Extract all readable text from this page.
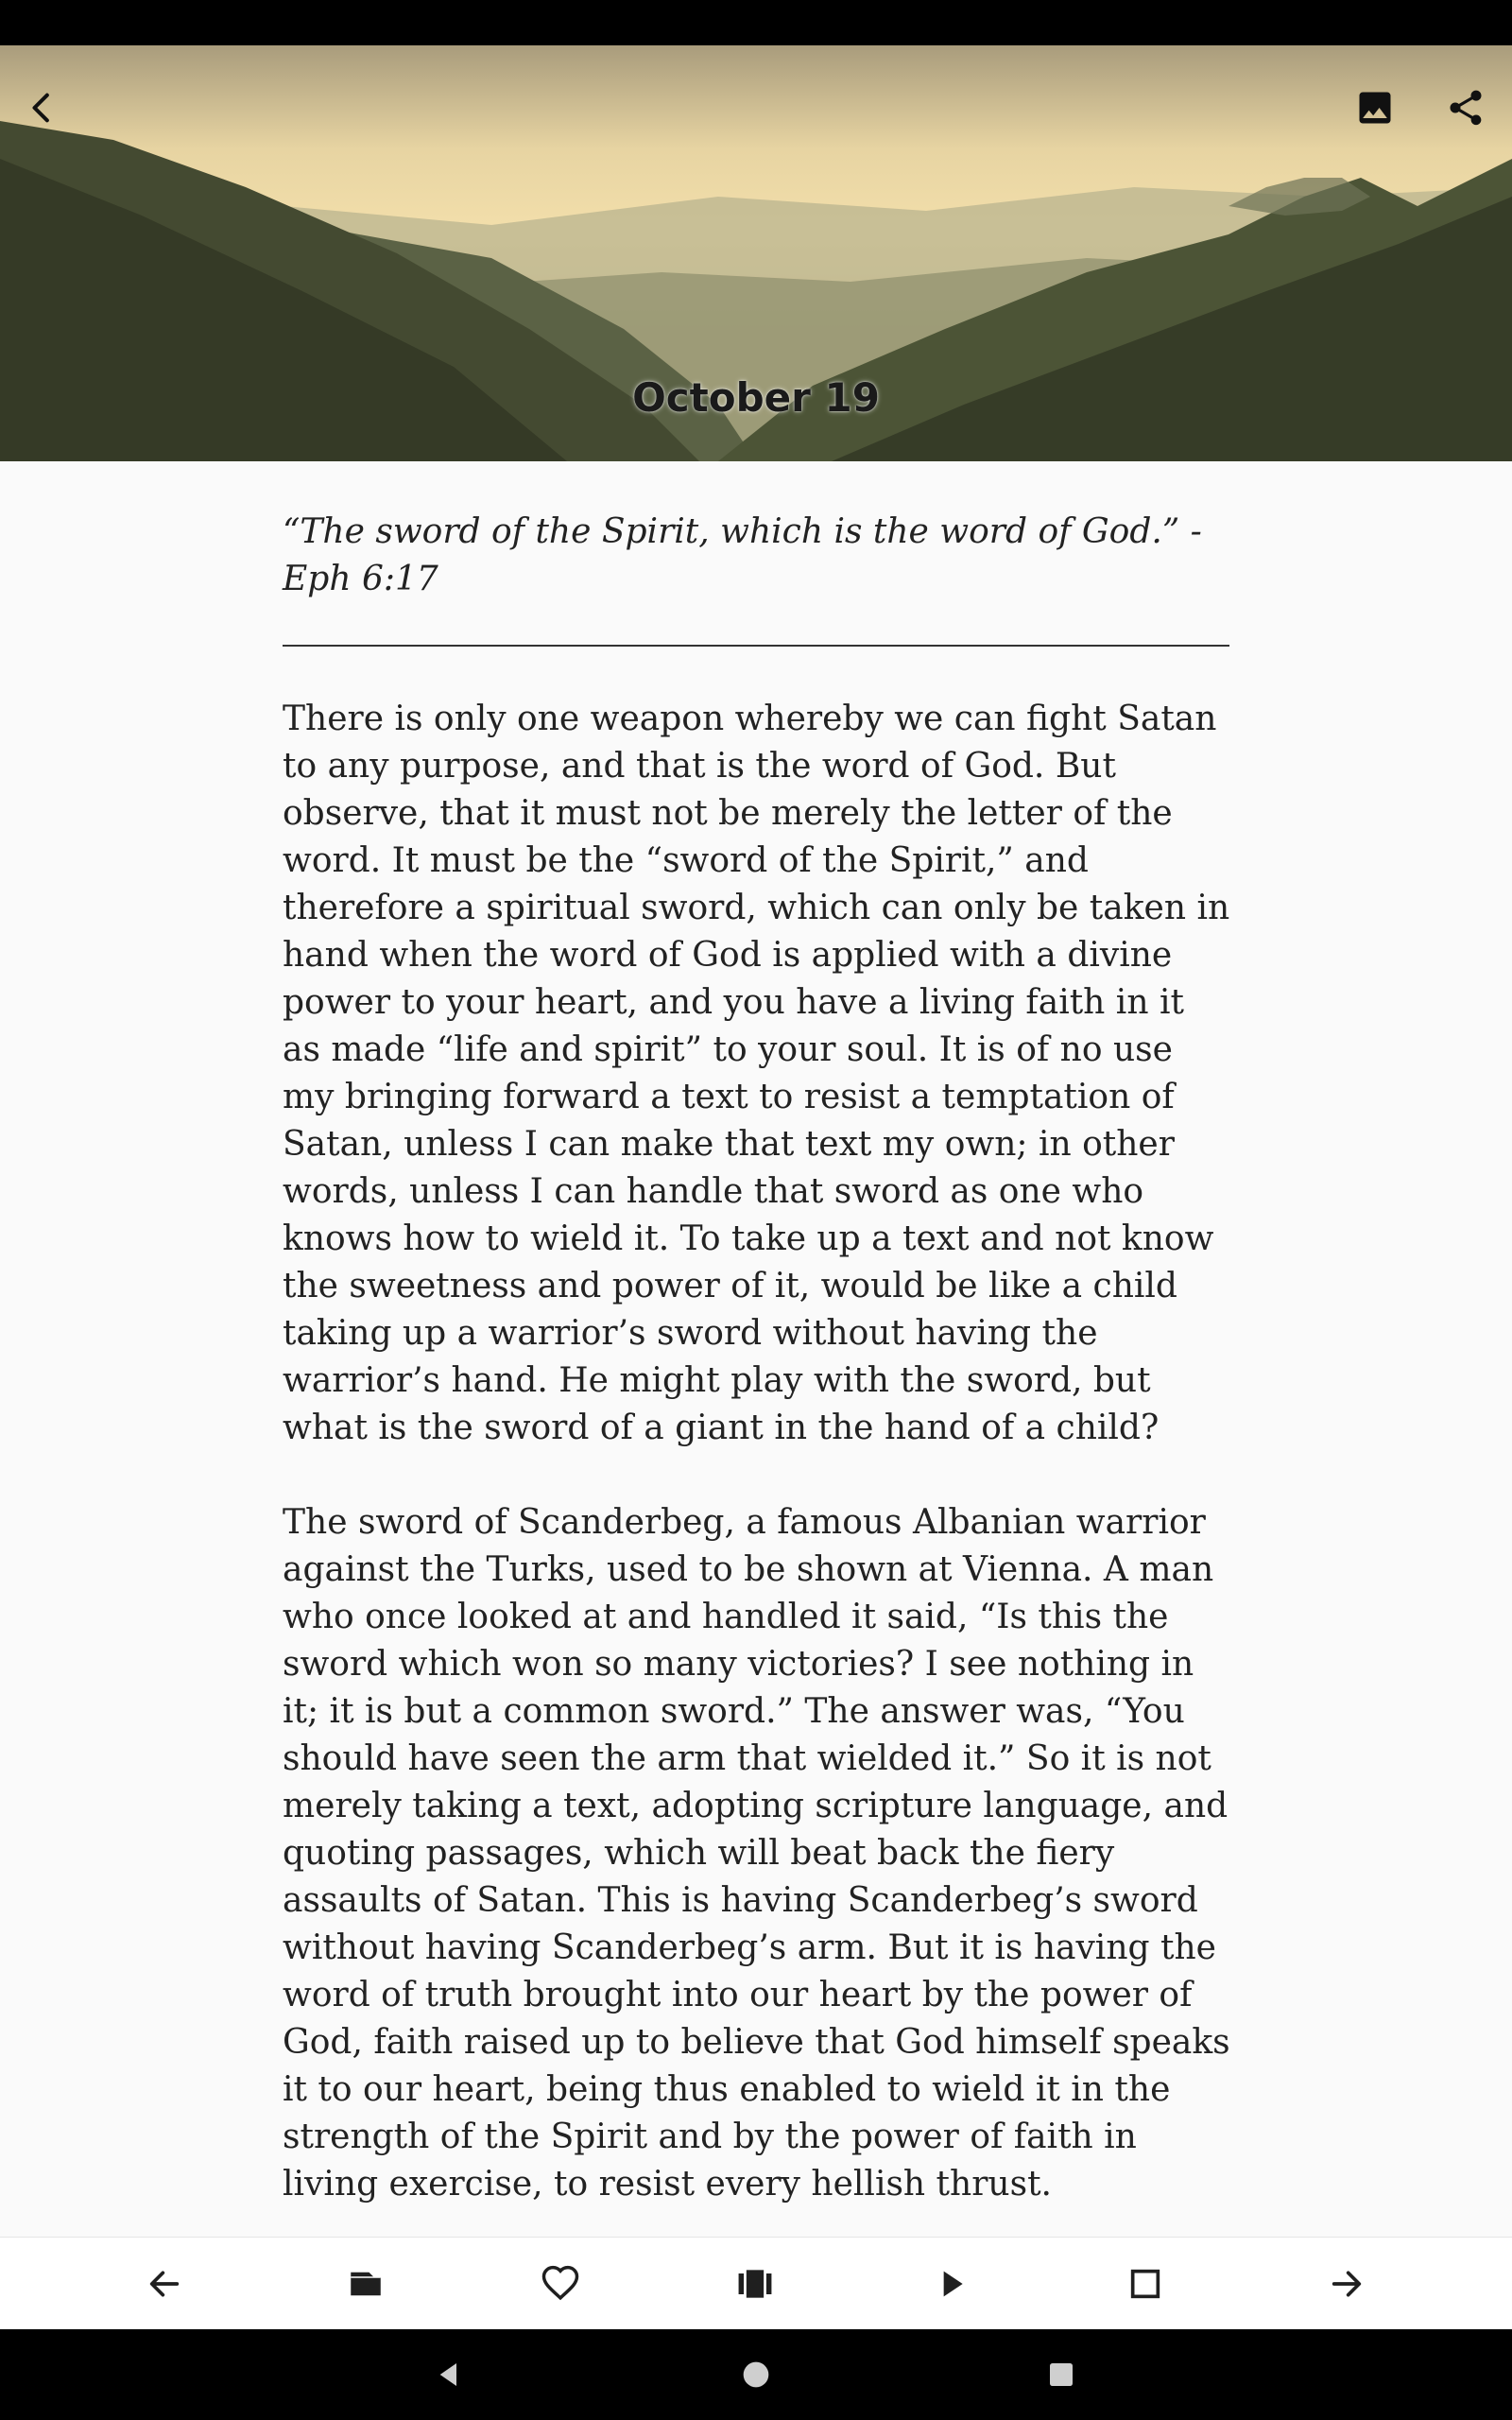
October 19

“The sword of the Spirit, which is the word of God.” - Eph 6:17

There is only one weapon whereby we can fight Satan to any purpose, and that is the word of God. But observe, that it must not be merely the letter of the word. It must be the “sword of the Spirit,” and therefore a spiritual sword, which can only be taken in hand when the word of God is applied with a divine power to your heart, and you have a living faith in it as made “life and spirit” to your soul. It is of no use my bringing forward a text to resist a temptation of Satan, unless I can make that text my own; in other words, unless I can handle that sword as one who knows how to wield it. To take up a text and not know the sweetness and power of it, would be like a child taking up a warrior’s sword without having the warrior’s hand. He might play with the sword, but what is the sword of a giant in the hand of a child?

The sword of Scanderbeg, a famous Albanian warrior against the Turks, used to be shown at Vienna. A man who once looked at and handled it said, “Is this the sword which won so many victories? I see nothing in it; it is but a common sword.” The answer was, “You should have seen the arm that wielded it.” So it is not merely taking a text, adopting scripture language, and quoting passages, which will beat back the fiery assaults of Satan. This is having Scanderbeg’s sword without having Scanderbeg’s arm. But it is having the word of truth brought into our heart by the power of God, faith raised up to believe that God himself speaks it to our heart, being thus enabled to wield it in the strength of the Spirit and by the power of faith in living exercise, to resist every hellish thrust.
